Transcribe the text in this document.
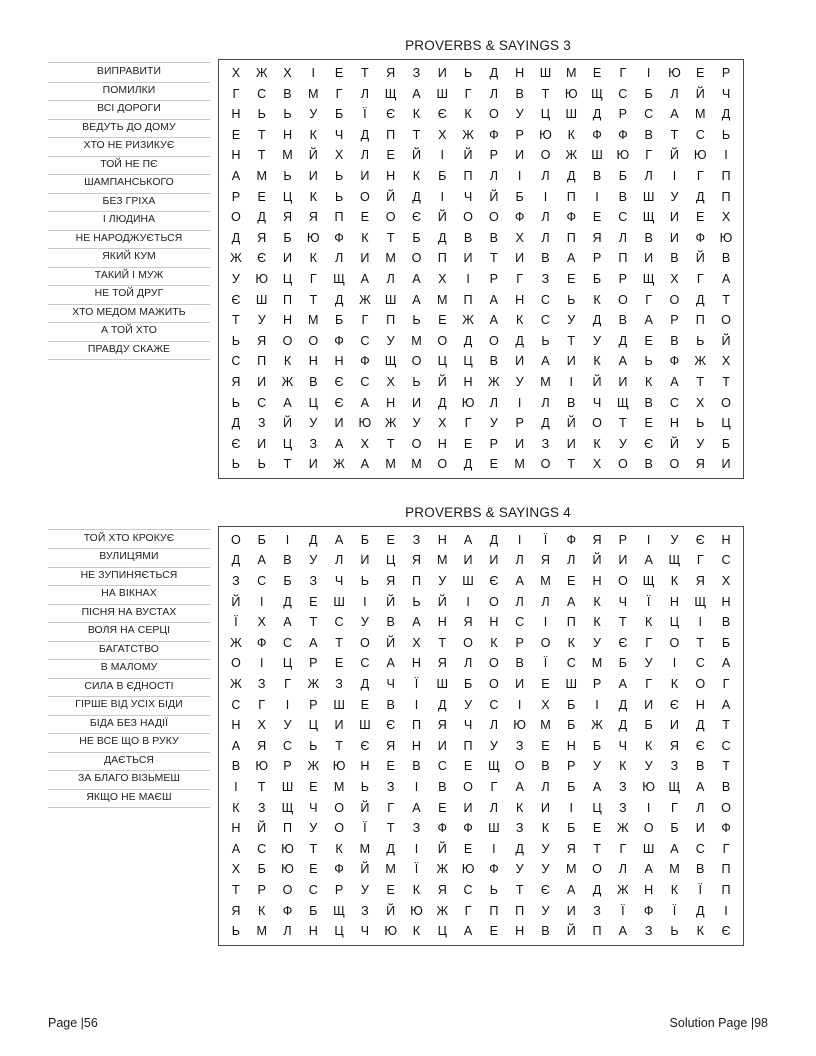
PROVERBS & SAYINGS 3
ВИПРАВИТИ
ПОМИЛКИ
ВСІ ДОРОГИ
ВЕДУТЬ ДО ДОМУ
ХТО НЕ РИЗИКУЄ
ТОЙ НЕ ПЄ
ШАМПАНСЬКОГО
БЕЗ ГРІХА
І ЛЮДИНА
НЕ НАРОДЖУЄТЬСЯ
ЯКИЙ КУМ
ТАКИЙ І МУЖ
НЕ ТОЙ ДРУГ
ХТО МЕДОМ МАЖИТЬ
А ТОЙ ХТО
ПРАВДУ СКАЖЕ
Х	Ж	Х	І	Е	Т	Я	З	И	Ь	Д	Н	Ш	М	Е	Г	І	Ю	Е	Р
Г	С	В	М	Г	Л	Щ	А	Ш	Г	Л	В	Т	Ю	Щ	С	Б	Л	Й	Ч
Н	Ь	Ь	У	Б	Ї	Є	К	Є	К	О	У	Ц	Ш	Д	Р	С	А	М	Д
Е	Т	Н	К	Ч	Д	П	Т	Х	Ж	Ф	Р	Ю	К	Ф	Ф	В	Т	С	Ь
Н	Т	М	Й	Х	Л	Е	Й	І	Й	Р	И	О	Ж	Ш	Ю	Г	Й	Ю	І
А	М	Ь	И	Ь	И	Н	К	Б	П	Л	І	Л	Д	В	Б	Л	І	Г	П
Р	Е	Ц	К	Ь	О	Й	Д	І	Ч	Й	Б	І	П	І	В	Ш	У	Д	П
О	Д	Я	Я	П	Е	О	Є	Й	О	О	Ф	Л	Ф	Е	С	Щ	И	Е	Х
Д	Я	Б	Ю	Ф	К	Т	Б	Д	В	В	Х	Л	П	Я	Л	В	И	Ф	Ю
Ж	Є	И	К	Л	И	М	О	П	И	Т	И	В	А	Р	П	И	В	Й	В
У	Ю	Ц	Г	Щ	А	Л	А	Х	І	Р	Г	З	Е	Б	Р	Щ	Х	Г	А
Є	Ш	П	Т	Д	Ж	Ш	А	М	П	А	Н	С	Ь	К	О	Г	О	Д	Т
Т	У	Н	М	Б	Г	П	Ь	Е	Ж	А	К	С	У	Д	В	А	Р	П	О
Ь	Я	О	О	Ф	С	У	М	О	Д	О	Д	Ь	Т	У	Д	Е	В	Ь	Й
С	П	К	Н	Н	Ф	Щ	О	Ц	Ц	В	И	А	И	К	А	Ь	Ф	Ж	Х
Я	И	Ж	В	Є	С	Х	Ь	Й	Н	Ж	У	М	І	Й	И	К	А	Т	Т
Ь	С	А	Ц	Є	А	Н	И	Д	Ю	Л	І	Л	В	Ч	Щ	В	С	Х	О
Д	З	Й	У	И	Ю	Ж	У	Х	Г	У	Р	Д	Й	О	Т	Е	Н	Ь	Ц
Є	И	Ц	З	А	Х	Т	О	Н	Е	Р	И	З	И	К	У	Є	Й	У	Б
Ь	Ь	Т	И	Ж	А	М	М	О	Д	Е	М	О	Т	Х	О	В	О	Я	И
PROVERBS & SAYINGS 4
ТОЙ ХТО КРОКУЄ
ВУЛИЦЯМИ
НЕ ЗУПИНЯЄТЬСЯ
НА ВІКНАХ
ПІСНЯ НА ВУСТАХ
ВОЛЯ НА СЕРЦІ
БАГАТСТВО
В МАЛОМУ
СИЛА В ЄДНОСТІ
ГІРШЕ ВІД УСІХ БІДИ
БІДА БЕЗ НАДІЇ
НЕ ВСЕ ЩО В РУКУ
ДАЄТЬСЯ
ЗА БЛАГО ВІЗЬМЕШ
ЯКЩО НЕ МАЄШ
О	Б	І	Д	А	Б	Е	З	Н	А	Д	І	Ї	Ф	Я	Р	І	У	Є	Н
Д	А	В	У	Л	И	Ц	Я	М	И	И	Л	Я	Л	Й	И	А	Щ	Г	С
З	С	Б	З	Ч	Ь	Я	П	У	Ш	Є	А	М	Е	Н	О	Щ	К	Я	Х
Й	І	Д	Е	Ш	І	Й	Ь	Й	І	О	Л	Л	А	К	Ч	Ї	Н	Щ	Н
Ї	Х	А	Т	С	У	В	А	Н	Я	Н	С	І	П	К	Т	К	Ц	І	В
Ж	Ф	С	А	Т	О	Й	Х	Т	О	К	Р	О	К	У	Є	Г	О	Т	Б
О	І	Ц	Р	Е	С	А	Н	Я	Л	О	В	Ї	С	М	Б	У	І	С	А
Ж	З	Г	Ж	З	Д	Ч	Ї	Ш	Б	О	И	Е	Ш	Р	А	Г	К	О	Г
С	Г	І	Р	Ш	Е	В	І	Д	У	С	І	Х	Б	І	Д	И	Є	Н	А
Н	Х	У	Ц	И	Ш	Є	П	Я	Ч	Л	Ю	М	Б	Ж	Д	Б	И	Д	Т
А	Я	С	Ь	Т	Є	Я	Н	И	П	У	З	Е	Н	Б	Ч	К	Я	Є	С
В	Ю	Р	Ж	Ю	Н	Е	В	С	Е	Щ	О	В	Р	У	К	У	З	В	Т
І	Т	Ш	Е	М	Ь	З	І	В	О	Г	А	Л	Б	А	З	Ю	Щ	А	В
К	З	Щ	Ч	О	Й	Г	А	Е	И	Л	К	И	І	Ц	З	І	Г	Л	О
Н	Й	П	У	О	Ї	Т	З	Ф	Ф	Ш	З	К	Б	Е	Ж	О	Б	И	Ф
А	С	Ю	Т	К	М	Д	І	Й	Е	І	Д	У	Я	Т	Г	Ш	А	С	Г
Х	Б	Ю	Е	Ф	Й	М	Ї	Ж	Ю	Ф	У	У	М	О	Л	А	М	В	П
Т	Р	О	С	Р	У	Е	К	Я	С	Ь	Т	Є	А	Д	Ж	Н	К	Ї	П
Я	К	Ф	Б	Щ	З	Й	Ю	Ж	Г	П	П	У	И	З	Ї	Ф	Ї	Д	І
Ь	М	Л	Н	Ц	Ч	Ю	К	Ц	А	Е	Н	В	Й	П	А	З	Ь	К	Є
Page |56	Solution Page |98
